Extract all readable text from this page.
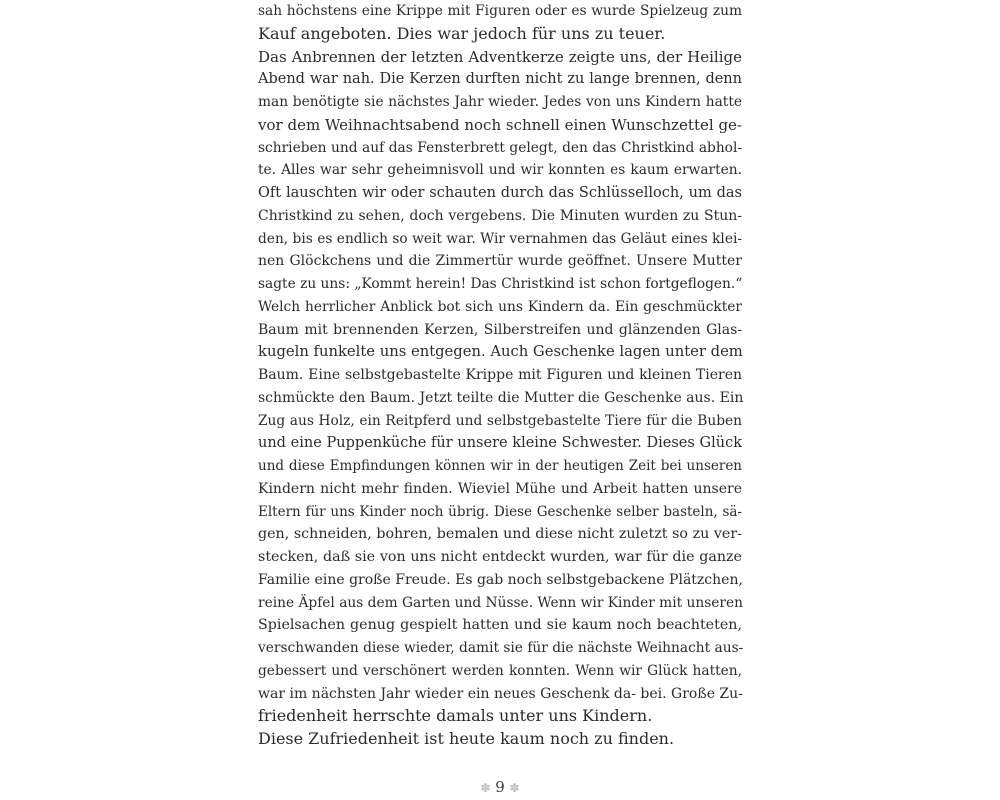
sah höchstens eine Krippe mit Figuren oder es wurde Spielzeug zum
Kauf angeboten. Dies war jedoch für uns zu teuer.
Das Anbrennen der letzten Adventkerze zeigte uns, der Heilige
Abend war nah. Die Kerzen durften nicht zu lange brennen, denn
man benötigte sie nächstes Jahr wieder. Jedes von uns Kindern hatte
vor dem Weihnachtsabend noch schnell einen Wunschzettel ge-
schrieben und auf das Fensterbrett gelegt, den das Christkind abhol-
te. Alles war sehr geheimnisvoll und wir konnten es kaum erwarten.
Oft lauschten wir oder schauten durch das Schlüsselloch, um das
Christkind zu sehen, doch vergebens. Die Minuten wurden zu Stun-
den, bis es endlich so weit war. Wir vernahmen das Geläut eines klei-
nen Glöckchens und die Zimmertür wurde geöffnet. Unsere Mutter
sagte zu uns: „Kommt herein! Das Christkind ist schon fortgeflogen.“
Welch herrlicher Anblick bot sich uns Kindern da. Ein geschmückter
Baum mit brennenden Kerzen, Silberstreifen und glänzenden Glas-
kugeln funkelte uns entgegen. Auch Geschenke lagen unter dem
Baum. Eine selbstgebastelte Krippe mit Figuren und kleinen Tieren
schmückte den Baum. Jetzt teilte die Mutter die Geschenke aus. Ein
Zug aus Holz, ein Reitpferd und selbstgebastelte Tiere für die Buben
und eine Puppenküche für unsere kleine Schwester. Dieses Glück
und diese Empfindungen können wir in der heutigen Zeit bei unseren
Kindern nicht mehr finden. Wieviel Mühe und Arbeit hatten unsere
Eltern für uns Kinder noch übrig. Diese Geschenke selber basteln, sä-
gen, schneiden, bohren, bemalen und diese nicht zuletzt so zu ver-
stecken, daß sie von uns nicht entdeckt wurden, war für die ganze
Familie eine große Freude. Es gab noch selbstgebackene Plätzchen,
reine Äpfel aus dem Garten und Nüsse. Wenn wir Kinder mit unseren
Spielsachen genug gespielt hatten und sie kaum noch beachteten,
verschwanden diese wieder, damit sie für die nächste Weihnacht aus-
gebessert und verschönert werden konnten. Wenn wir Glück hatten,
war im nächsten Jahr wieder ein neues Geschenk da- bei. Große Zu-
friedenheit herrschte damals unter uns Kindern.
Diese Zufriedenheit ist heute kaum noch zu finden.
✽ 9 ✽
